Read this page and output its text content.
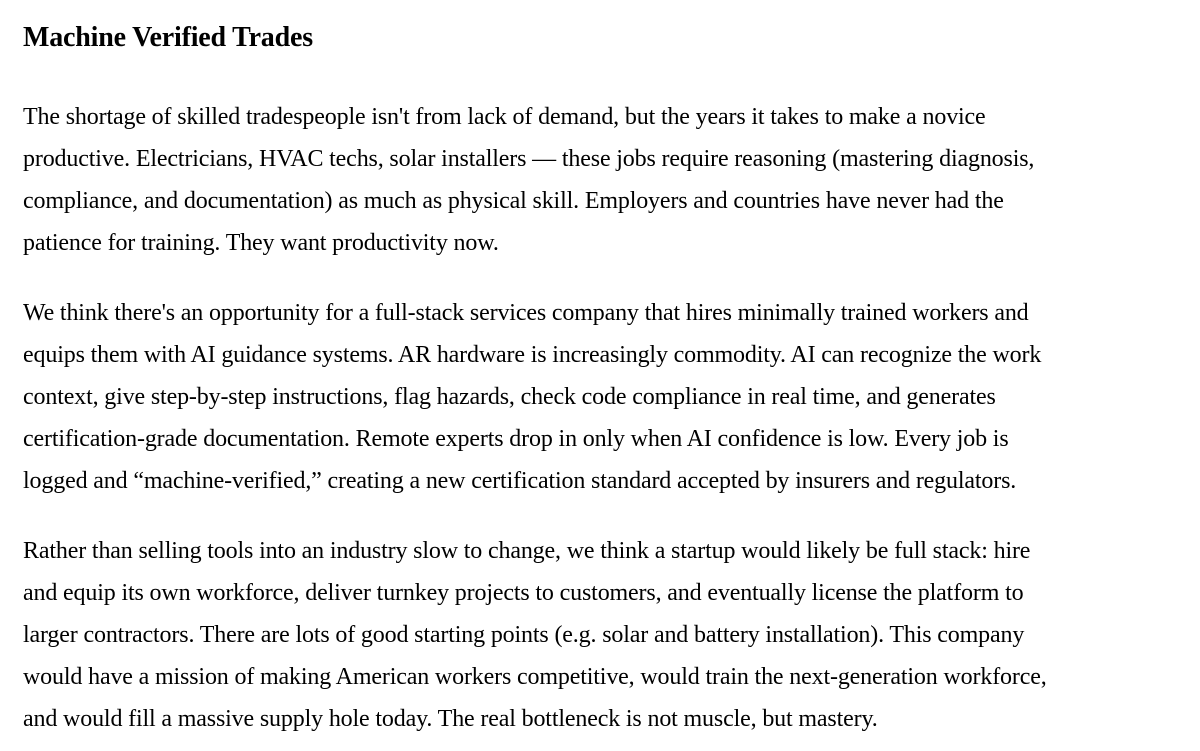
Machine Verified Trades

The shortage of skilled tradespeople isn't from lack of demand, but the years it takes to make a novice
productive. Electricians, HVAC techs, solar installers — these jobs require reasoning (mastering diagnosis,
compliance, and documentation) as much as physical skill. Employers and countries have never had the
patience for training. They want productivity now.

We think there's an opportunity for a full-stack services company that hires minimally trained workers and
equips them with AI guidance systems. AR hardware is increasingly commodity. AI can recognize the work
context, give step-by-step instructions, flag hazards, check code compliance in real time, and generates
certification-grade documentation. Remote experts drop in only when AI confidence is low. Every job is
logged and “machine-verified,” creating a new certification standard accepted by insurers and regulators.

Rather than selling tools into an industry slow to change, we think a startup would likely be full stack: hire
and equip its own workforce, deliver turnkey projects to customers, and eventually license the platform to
larger contractors. There are lots of good starting points (e.g. solar and battery installation). This company
would have a mission of making American workers competitive, would train the next-generation workforce,
and would fill a massive supply hole today. The real bottleneck is not muscle, but mastery.
